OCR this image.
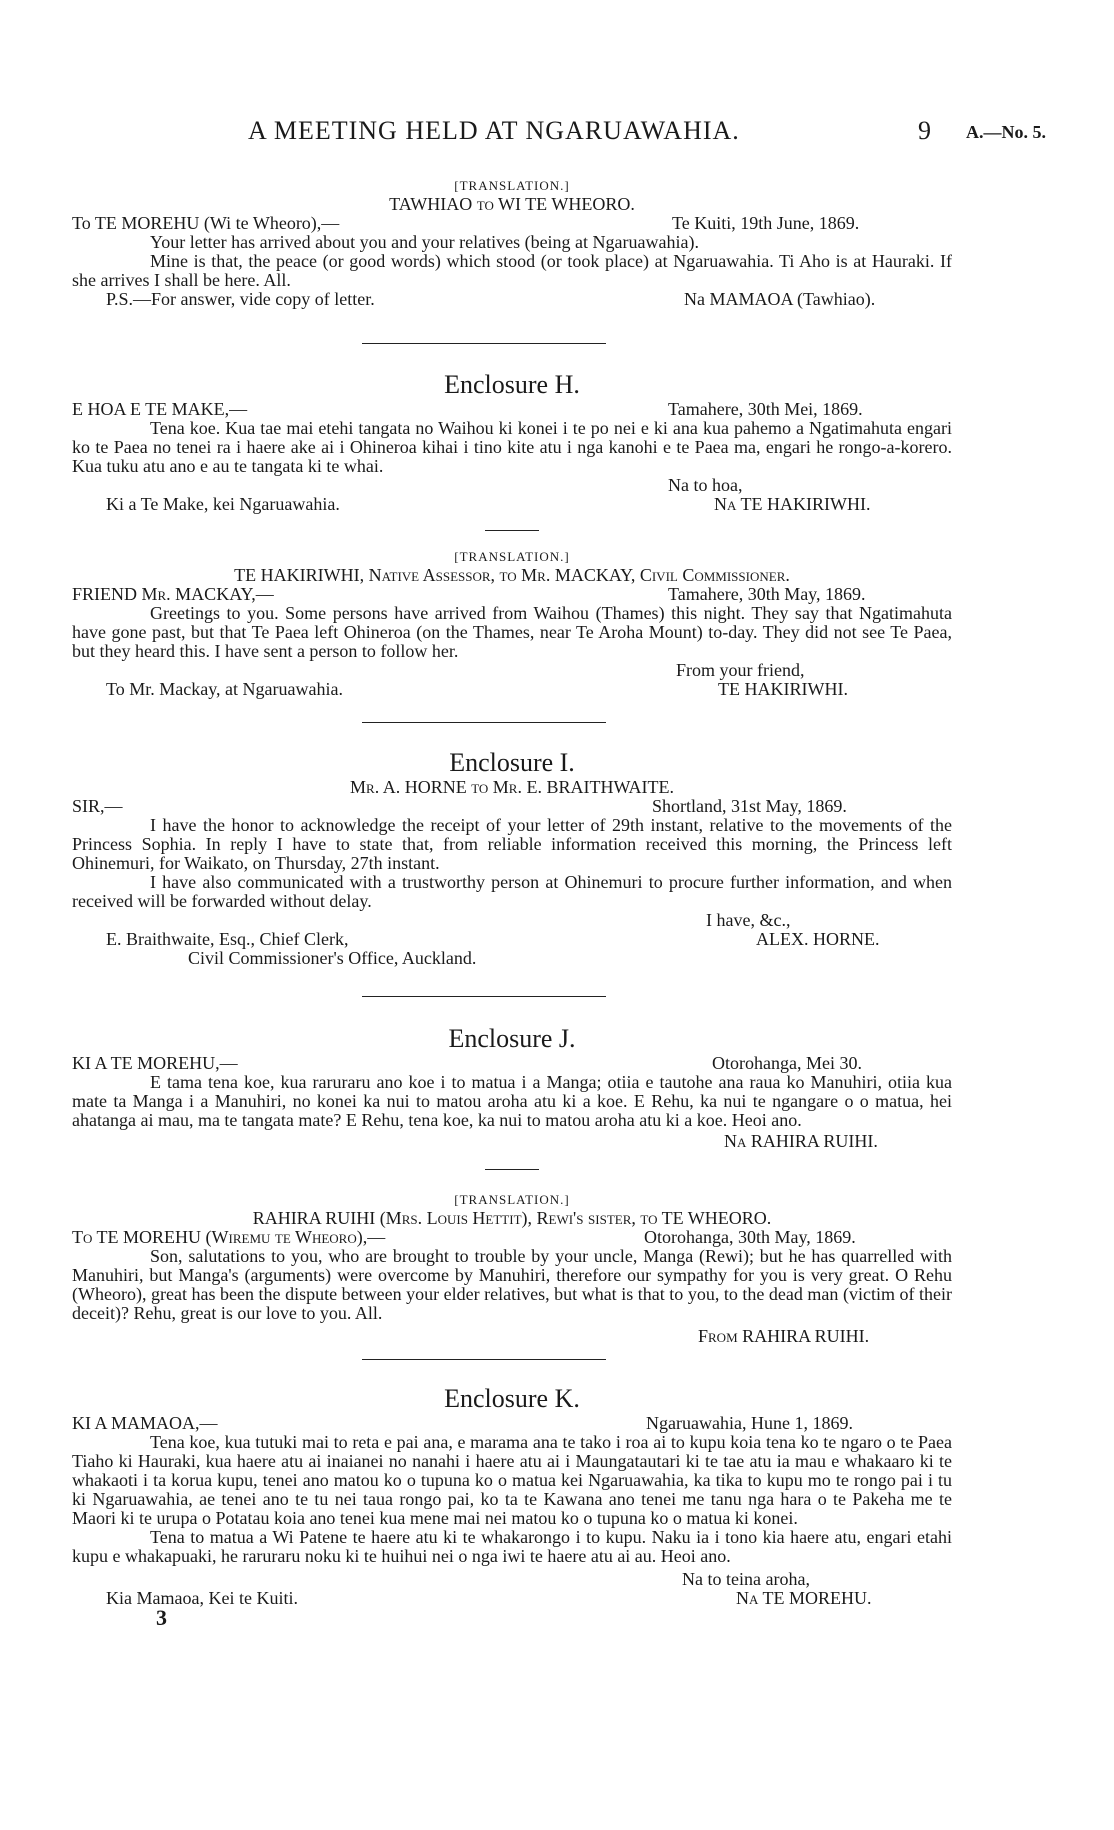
A MEETING HELD AT NGARUAWAHIA.	9 A.—No. 5.

[TRANSLATION.]

TAWHIAO to WI TE WHEORO.

To TE MOREHU (Wi te Wheoro),—	Te Kuiti, 19th June, 1869.

Your letter has arrived about you and your relatives (being at Ngaruawahia).

Mine is that, the peace (or good words) which stood (or took place) at Ngaruawahia. Ti Aho is at Hauraki. If she arrives I shall be here. All.

P.S.—For answer, vide copy of letter.	Na MAMAOA (Tawhiao).

Enclosure H.

E HOA E TE MAKE,—	Tamahere, 30th Mei, 1869.

Tena koe. Kua tae mai etehi tangata no Waihou ki konei i te po nei e ki ana kua pahemo a Ngatimahuta engari ko te Paea no tenei ra i haere ake ai i Ohineroa kihai i tino kite atu i nga kanohi e te Paea ma, engari he rongo-a-korero. Kua tuku atu ano e au te tangata ki te whai.

Na to hoa,
Ki a Te Make, kei Ngaruawahia.	Na TE HAKIRIWHI.

[TRANSLATION.]

TE HAKIRIWHI, Native Assessor, to Mr. MACKAY, Civil Commissioner.

FRIEND Mr. MACKAY,—	Tamahere, 30th May, 1869.

Greetings to you. Some persons have arrived from Waihou (Thames) this night. They say that Ngatimahuta have gone past, but that Te Paea left Ohineroa (on the Thames, near Te Aroha Mount) to-day. They did not see Te Paea, but they heard this. I have sent a person to follow her.

From your friend,
To Mr. Mackay, at Ngaruawahia.	TE HAKIRIWHI.

Enclosure I.

Mr. A. HORNE to Mr. E. BRAITHWAITE.

SIR,—	Shortland, 31st May, 1869.

I have the honor to acknowledge the receipt of your letter of 29th instant, relative to the movements of the Princess Sophia. In reply I have to state that, from reliable information received this morning, the Princess left Ohinemuri, for Waikato, on Thursday, 27th instant.

I have also communicated with a trustworthy person at Ohinemuri to procure further information, and when received will be forwarded without delay.

I have, &c.,
E. Braithwaite, Esq., Chief Clerk,	ALEX. HORNE.
Civil Commissioner's Office, Auckland.

Enclosure J.

KI A TE MOREHU,—	Otorohanga, Mei 30.

E tama tena koe, kua raruraru ano koe i to matua i a Manga; otiia e tautohe ana raua ko Manuhiri, otiia kua mate ta Manga i a Manuhiri, no konei ka nui to matou aroha atu ki a koe. E Rehu, ka nui te ngangare o o matua, hei ahatanga ai mau, ma te tangata mate? E Rehu, tena koe, ka nui to matou aroha atu ki a koe. Heoi ano.

Na RAHIRA RUIHI.

[TRANSLATION.]

RAHIRA RUIHI (Mrs. Louis Hettit), Rewi's sister, to TE WHEORO.

To TE MOREHU (Wiremu te Wheoro),—	Otorohanga, 30th May, 1869.

Son, salutations to you, who are brought to trouble by your uncle, Manga (Rewi); but he has quarrelled with Manuhiri, but Manga's (arguments) were overcome by Manuhiri, therefore our sympathy for you is very great. O Rehu (Wheoro), great has been the dispute between your elder relatives, but what is that to you, to the dead man (victim of their deceit)? Rehu, great is our love to you. All.

From RAHIRA RUIHI.

Enclosure K.

KI A MAMAOA,—	Ngaruawahia, Hune 1, 1869.

Tena koe, kua tutuki mai to reta e pai ana, e marama ana te tako i roa ai to kupu koia tena ko te ngaro o te Paea Tiaho ki Hauraki, kua haere atu ai inaianei no nanahi i haere atu ai i Maungatautari ki te tae atu ia mau e whakaaro ki te whakaoti i ta korua kupu, tenei ano matou ko o tupuna ko o matua kei Ngaruawahia, ka tika to kupu mo te rongo pai i tu ki Ngaruawahia, ae tenei ano te tu nei taua rongo pai, ko ta te Kawana ano tenei me tanu nga hara o te Pakeha me te Maori ki te urupa o Potatau koia ano tenei kua mene mai nei matou ko o tupuna ko o matua ki konei.

Tena to matua a Wi Patene te haere atu ki te whakarongo i to kupu. Naku ia i tono kia haere atu, engari etahi kupu e whakapuaki, he raruraru noku ki te huihui nei o nga iwi te haere atu ai au. Heoi ano.

Na to teina aroha,
Kia Mamaoa, Kei te Kuiti.	Na TE MOREHU.
3
